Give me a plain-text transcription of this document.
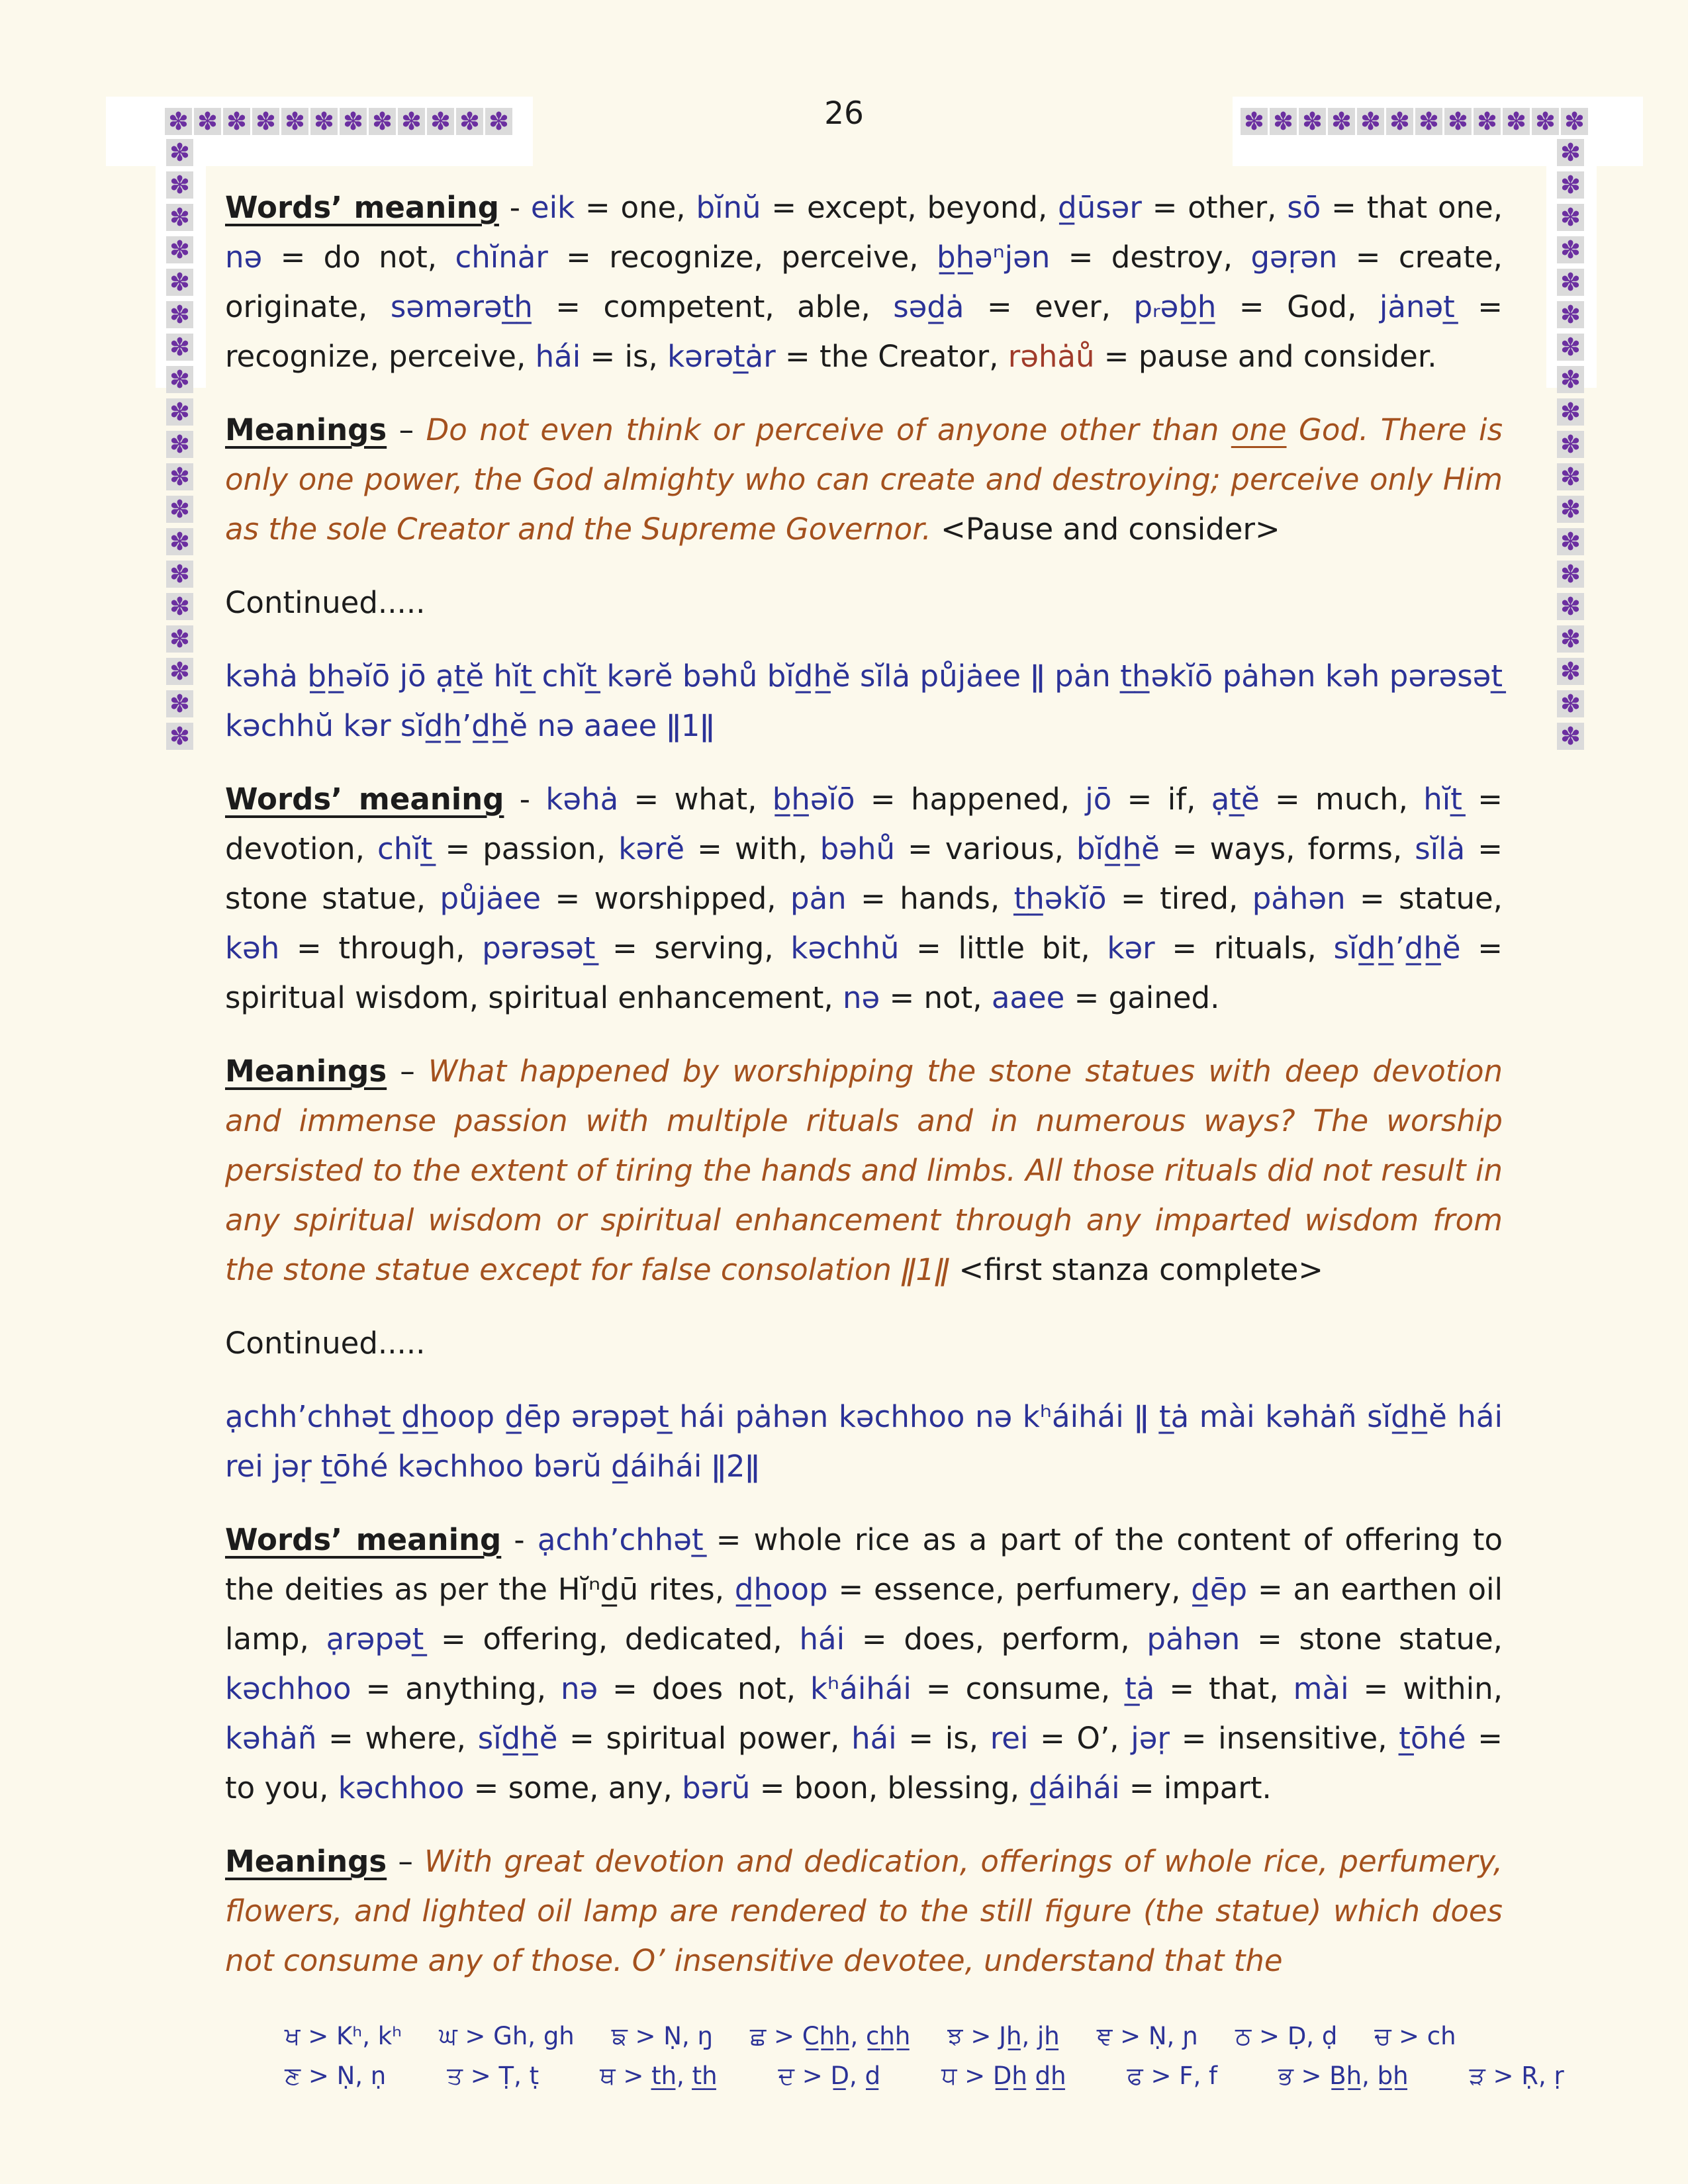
✽ ✽ ✽ ✽ ✽ ✽ ✽ ✽ ✽ ✽ ✽ ✽	✽ ✽ ✽ ✽ ✽ ✽ ✽ ✽ ✽ ✽ ✽ ✽
✽
✽
✽
✽
✽
✽
✽
✽
✽
✽
✽
✽
✽
✽
✽
✽
✽
✽
✽
✽
✽
✽
✽
✽
✽
✽
✽
✽
✽
✽
✽
✽
✽
✽
✽
✽
✽
✽
26

Words’ meaning - eik = one, bĭnŭ = except, beyond, d̲ūsər = other, sō = that one, nə = do not, chĭnȧr = recognize, perceive, b̲h̲əⁿjən = destroy, gəṛən = create, originate, səmərət̲h̲ = competent, able, səd̲ȧ = ever, pᵣəb̲h̲ = God, jȧnət̲ = recognize, perceive, hái = is, kərət̲ȧr = the Creator, rəhȧů = pause and consider.

Meanings – Do not even think or perceive of anyone other than one God. There is only one power, the God almighty who can create and destroying; perceive only Him as the sole Creator and the Supreme Governor. <Pause and consider>

Continued.....

kəhȧ b̲h̲əĭō jō ạt̲ĕ hĭt̲ chĭt̲ kərĕ bəhů bĭd̲h̲ĕ sĭlȧ půjȧee ǁ pȧn t̲h̲əkĭō pȧhən kəh pərəsət̲ kəchhŭ kər sĭd̲h̲’d̲h̲ĕ nə aaee ǁ1ǁ

Words’ meaning - kəhȧ = what, b̲h̲əĭō = happened, jō = if, ạt̲ĕ = much, hĭt̲ = devotion, chĭt̲ = passion, kərĕ = with, bəhů = various, bĭd̲h̲ĕ = ways, forms, sĭlȧ = stone statue, půjȧee = worshipped, pȧn = hands, t̲h̲əkĭō = tired, pȧhən = statue, kəh = through, pərəsət̲ = serving, kəchhŭ = little bit, kər = rituals, sĭd̲h̲’d̲h̲ĕ = spiritual wisdom, spiritual enhancement, nə = not, aaee = gained.

Meanings – What happened by worshipping the stone statues with deep devotion and immense passion with multiple rituals and in numerous ways? The worship persisted to the extent of tiring the hands and limbs. All those rituals did not result in any spiritual wisdom or spiritual enhancement through any imparted wisdom from the stone statue except for false consolation ǁ1ǁ <first stanza complete>

Continued.....

ạchh’chhət̲ d̲h̲oop d̲ēp ərəpət̲ hái pȧhən kəchhoo nə kʰáihái ǁ t̲ȧ mài kəhȧñ sĭd̲h̲ĕ hái rei jəṛ t̲ōhé kəchhoo bərŭ d̲áihái ǁ2ǁ

Words’ meaning - ạchh’chhət̲ = whole rice as a part of the content of offering to the deities as per the Hĭⁿd̲ū rites, d̲h̲oop = essence, perfumery, d̲ēp = an earthen oil lamp, ạrəpət̲ = offering, dedicated, hái = does, perform, pȧhən = stone statue, kəchhoo = anything, nə = does not, kʰáihái = consume, t̲ȧ = that, mài = within, kəhȧñ = where, sĭd̲h̲ĕ = spiritual power, hái = is, rei = O’, jəṛ = insensitive, t̲ōhé = to you, kəchhoo = some, any, bərŭ = boon, blessing, d̲áihái = impart.

Meanings – With great devotion and dedication, offerings of whole rice, perfumery, flowers, and lighted oil lamp are rendered to the still figure (the statue) which does not consume any of those. O’ insensitive devotee, understand that the

ਖ > Kʰ, kʰ ਘ > Gh, gh ਙ > Ṇ, ŋ ਛ > C̲h̲h̲, c̲h̲h̲ ਝ > Jh̲, jh̲ ਞ > Ṇ, ɲ ਠ > Ḍ, ḍ ਚ > ch
ਣ > Ṇ, ṇ ਤ > Ṭ, ṭ ਥ > t̲h̲, t̲h̲ ਦ > D̲, d̲ ਧ > D̲h̲ d̲h̲ ਫ > F, f ਭ > B̲h̲, b̲h̲ ੜ > Ṛ, ṛ
